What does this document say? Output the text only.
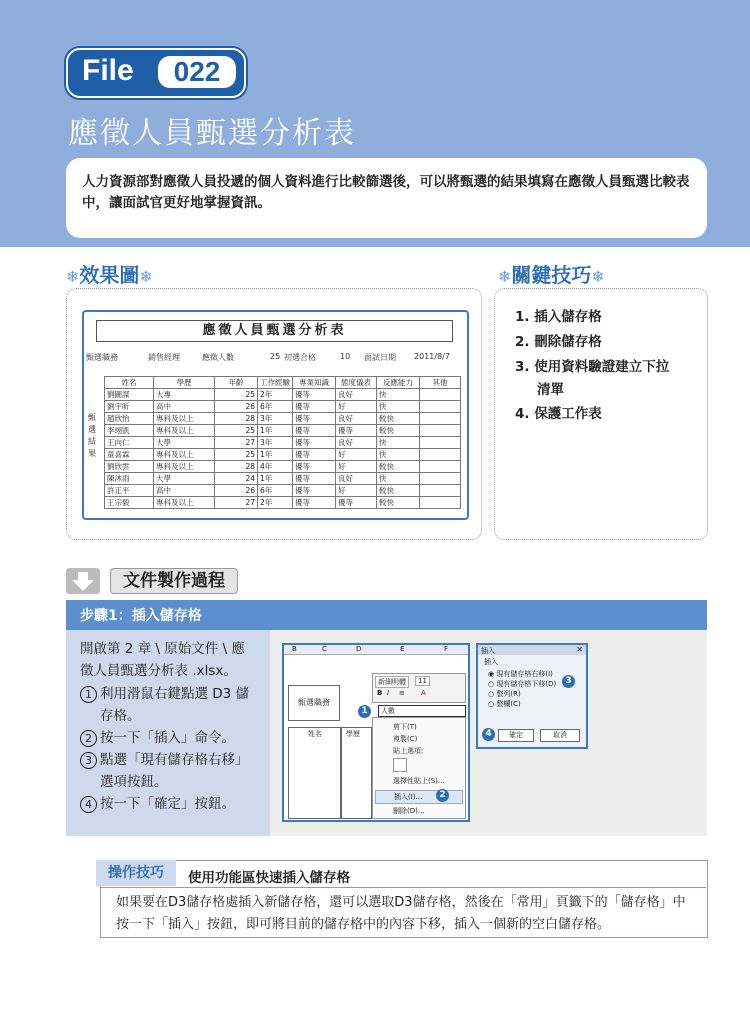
File	022
應徵人員甄選分析表

人力資源部對應徵人員投遞的個人資料進行比較篩選後，可以將甄選的結果填寫在應徵人員甄選比較表中，讓面試官更好地掌握資訊。

❄效果圖❄
應徵人員甄選分析表
甄選職務	銷售經理	應徵人數	25 初選合格	10 面試日期 2011/8/7
甄
選
結
果
姓名	學歷	年齡	工作經驗	專業知識	態度儀表	反應能力	其他
劉圖謀	大專	25	2年	優等	良好	快	
劉宇昕	高中	26	6年	優等	好	快	
趙欣怡	專科及以上	28	3年	優等	良好	較快	
李翊凱	專科及以上	25	1年	優等	優等	較快	
王向仁	大學	27	3年	優等	良好	快	
童喜霖	專科及以上	25	1年	優等	好	快	
劉欣雲	專科及以上	28	4年	優等	好	較快	
陳沐雨	大學	24	1年	優等	良好	快	
許正平	高中	26	6年	優等	好	較快	
王宗毅	專科及以上	27	2年	優等	優等	較快	
❄關鍵技巧❄
1. 插入儲存格
2. 刪除儲存格
3. 使用資料驗證建立下拉
清單
4. 保護工作表
文件製作過程
步驟1：插入儲存格
開啟第 2 章 \ 原始文件 \ 應
徵人員甄選分析表 .xlsx。
1 利用滑鼠右鍵點選 D3 儲
存格。
2 按一下「插入」命令。
3 點選「現有儲存格右移」
選項按鈕。
4 按一下「確定」按鈕。
B	C	D	E	F
甄選職務
姓名	學歷
新細明體	11
B I ≡ A
人數
剪下(T)
複製(C)
貼上選項:
選擇性貼上(S)...
插入(I)...
刪除(D)...
1
2
插入	✕
插入
◉ 現有儲存格右移(I)
○ 現有儲存格下移(D)
○ 整列(R)
○ 整欄(C)
確定	取消
3
4
操作技巧	使用功能區快速插入儲存格
如果要在D3儲存格處插入新儲存格，還可以選取D3儲存格，然後在「常用」頁籤下的「儲存格」中按一下「插入」按鈕，即可將目前的儲存格中的內容下移，插入一個新的空白儲存格。
